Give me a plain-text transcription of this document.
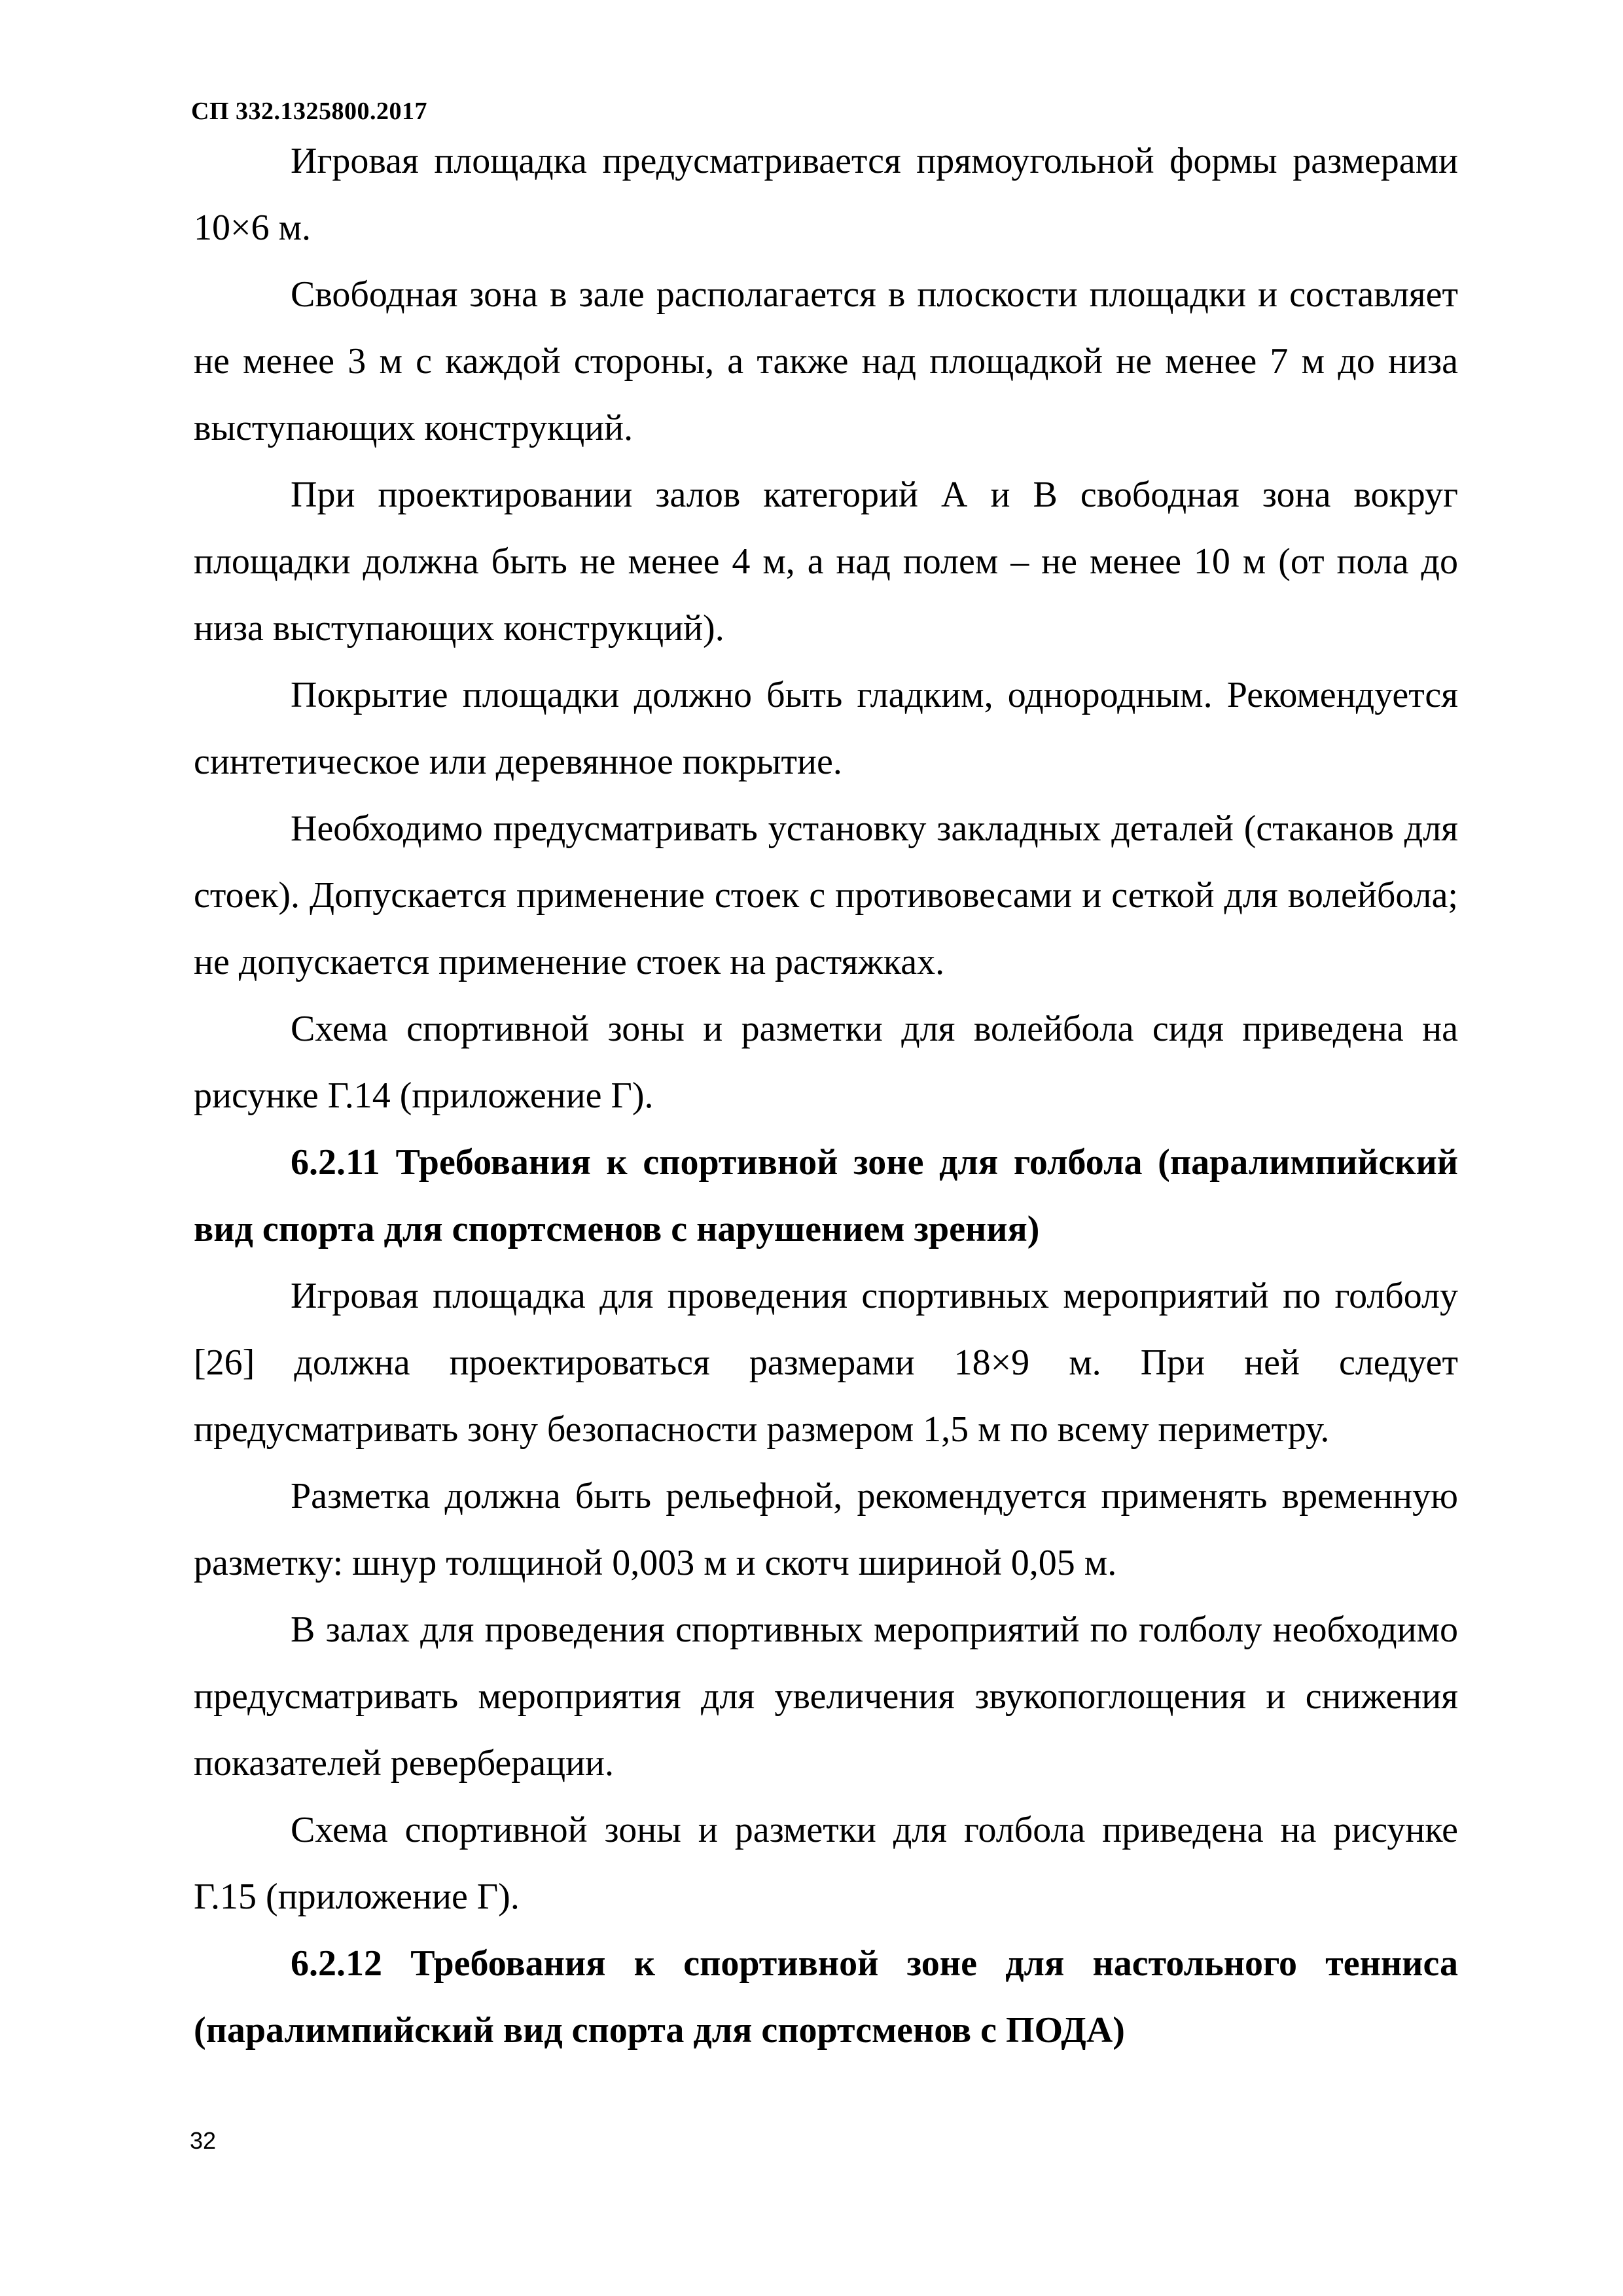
СП 332.1325800.2017

Игровая площадка предусматривается прямоугольной формы размерами 10×6 м.

Свободная зона в зале располагается в плоскости площадки и составляет не менее 3 м с каждой стороны, а также над площадкой не менее 7 м до низа выступающих конструкций.

При проектировании залов категорий А и В свободная зона вокруг площадки должна быть не менее 4 м, а над полем – не менее 10 м (от пола до низа выступающих конструкций).

Покрытие площадки должно быть гладким, однородным. Рекомендуется синтетическое или деревянное покрытие.

Необходимо предусматривать установку закладных деталей (стаканов для стоек). Допускается применение стоек с противовесами и сеткой для волейбола; не допускается применение стоек на растяжках.

Схема спортивной зоны и разметки для волейбола сидя приведена на рисунке Г.14 (приложение Г).

6.2.11 Требования к спортивной зоне для голбола (паралимпийский вид спорта для спортсменов с нарушением зрения)

Игровая площадка для проведения спортивных мероприятий по голболу [26] должна проектироваться размерами 18×9 м. При ней следует предусматривать зону безопасности размером 1,5 м по всему периметру.

Разметка должна быть рельефной, рекомендуется применять временную разметку: шнур толщиной 0,003 м и скотч шириной 0,05 м.

В залах для проведения спортивных мероприятий по голболу необходимо предусматривать мероприятия для увеличения звукопоглощения и снижения показателей реверберации.

Схема спортивной зоны и разметки для голбола приведена на рисунке Г.15 (приложение Г).

6.2.12 Требования к спортивной зоне для настольного тенниса (паралимпийский вид спорта для спортсменов с ПОДА)

32
